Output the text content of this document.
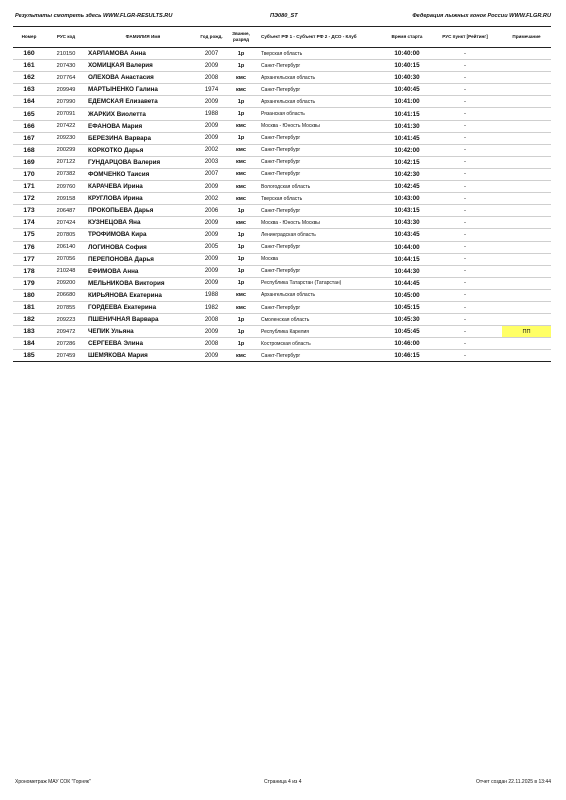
Результаты смотреть здесь WWW.FLGR-RESULTS.RU	ПЭ080_ST	Федерация лыжных гонок России WWW.FLGR.RU
Номер	РУС код	ФАМИЛИЯ Имя	Год рожд.	Звание, разряд	Субъект РФ 1 - Субъект РФ 2 - ДСО - Клуб	Время старта	РУС пункт [Рейтинг]	Примечание
160	210150	ХАРЛАМОВА Анна	2007	1р	Тверская область	10:40:00	-	
161	207430	ХОМИЦКАЯ Валерия	2009	1р	Санкт-Петербург	10:40:15	-	
162	207764	ОЛЕХОВА Анастасия	2008	кмс	Архангельская область	10:40:30	-	
163	209949	МАРТЫНЕНКО Галина	1974	кмс	Санкт-Петербург	10:40:45	-	
164	207990	ЕДЕМСКАЯ Елизавета	2009	1р	Архангельская область	10:41:00	-	
165	207091	ЖАРКИХ Виолетта	1988	1р	Рязанская область	10:41:15	-	
166	207422	ЕФАНОВА Мария	2009	кмс	Москва - Юность Москвы	10:41:30	-	
167	209230	БЕРЕЗИНА Варвара	2009	1р	Санкт-Петербург	10:41:45	-	
168	200299	КОРКОТКО Дарья	2002	кмс	Санкт-Петербург	10:42:00	-	
169	207122	ГУНДАРЦОВА Валерия	2003	кмс	Санкт-Петербург	10:42:15	-	
170	207382	ФОМЧЕНКО Таисия	2007	кмс	Санкт-Петербург	10:42:30	-	
171	209760	КАРАЧЕВА Ирина	2009	кмс	Вологодская область	10:42:45	-	
172	209158	КРУГЛОВА Ирина	2002	кмс	Тверская область	10:43:00	-	
173	206487	ПРОКОПЬЕВА Дарья	2006	1р	Санкт-Петербург	10:43:15	-	
174	207424	КУЗНЕЦОВА Яна	2009	кмс	Москва - Юность Москвы	10:43:30	-	
175	207805	ТРОФИМОВА Кира	2009	1р	Ленинградская область	10:43:45	-	
176	206140	ЛОГИНОВА София	2005	1р	Санкт-Петербург	10:44:00	-	
177	207056	ПЕРЕПОНОВА Дарья	2009	1р	Москва	10:44:15	-	
178	210248	ЕФИМОВА Анна	2009	1р	Санкт-Петербург	10:44:30	-	
179	209200	МЕЛЬНИКОВА Виктория	2009	1р	Республика Татарстан (Татарстан)	10:44:45	-	
180	206680	КИРЬЯНОВА Екатерина	1988	кмс	Архангельская область	10:45:00	-	
181	207855	ГОРДЕЕВА Екатерина	1982	кмс	Санкт-Петербург	10:45:15	-	
182	209223	ПШЕНИЧНАЯ Варвара	2008	1р	Смоленская область	10:45:30	-	
183	209472	ЧЕПИК Ульяна	2009	1р	Республика Карелия	10:45:45	-	ПП
184	207286	СЕРГЕЕВА Элина	2008	1р	Костромская область	10:46:00	-	
185	207459	ШЕМЯКОВА Мария	2009	кмс	Санкт-Петербург	10:46:15	-	
Хронометраж МАУ СОК "Горняк"	Страница 4 из 4	Отчет создан 22.11.2025 в 13:44
